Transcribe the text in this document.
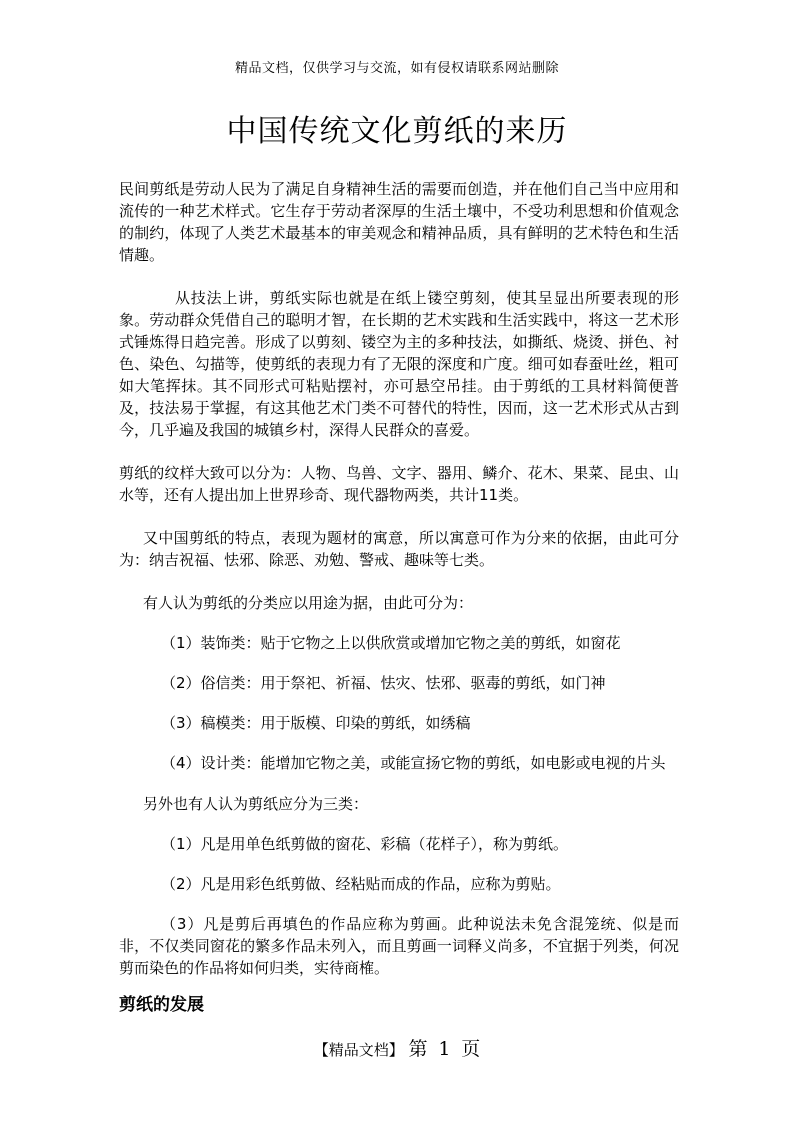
精品文档，仅供学习与交流，如有侵权请联系网站删除
中国传统文化剪纸的来历

民间剪纸是劳动人民为了满足自身精神生活的需要而创造，并在他们自己当中应用和流传的一种艺术样式。它生存于劳动者深厚的生活土壤中，不受功利思想和价值观念的制约，体现了人类艺术最基本的审美观念和精神品质，具有鲜明的艺术特色和生活情趣。

从技法上讲，剪纸实际也就是在纸上镂空剪刻，使其呈显出所要表现的形象。劳动群众凭借自己的聪明才智，在长期的艺术实践和生活实践中，将这一艺术形式锤炼得日趋完善。形成了以剪刻、镂空为主的多种技法，如撕纸、烧烫、拼色、衬色、染色、勾描等，使剪纸的表现力有了无限的深度和广度。细可如春蚕吐丝，粗可如大笔挥抹。其不同形式可粘贴摆衬，亦可悬空吊挂。由于剪纸的工具材料简便普及，技法易于掌握，有这其他艺术门类不可替代的特性，因而，这一艺术形式从古到今，几乎遍及我国的城镇乡村，深得人民群众的喜爱。

剪纸的纹样大致可以分为：人物、鸟兽、文字、器用、鳞介、花木、果菜、昆虫、山水等，还有人提出加上世界珍奇、现代器物两类，共计11类。

又中国剪纸的特点，表现为题材的寓意，所以寓意可作为分来的依据，由此可分为：纳吉祝福、怯邪、除恶、劝勉、警戒、趣味等七类。

有人认为剪纸的分类应以用途为据，由此可分为：

（1）装饰类：贴于它物之上以供欣赏或增加它物之美的剪纸，如窗花

（2）俗信类：用于祭祀、祈福、怯灾、怯邪、驱毒的剪纸，如门神

（3）稿模类：用于版模、印染的剪纸，如绣稿

（4）设计类：能增加它物之美，或能宣扬它物的剪纸，如电影或电视的片头

另外也有人认为剪纸应分为三类：

（1）凡是用单色纸剪做的窗花、彩稿（花样子），称为剪纸。

（2）凡是用彩色纸剪做、经粘贴而成的作品，应称为剪贴。

（3）凡是剪后再填色的作品应称为剪画。此种说法未免含混笼统、似是而非，不仅类同窗花的繁多作品未列入，而且剪画一词释义尚多，不宜据于列类，何况剪而染色的作品将如何归类，实待商榷。

剪纸的发展
【精品文档】 第 1 页
